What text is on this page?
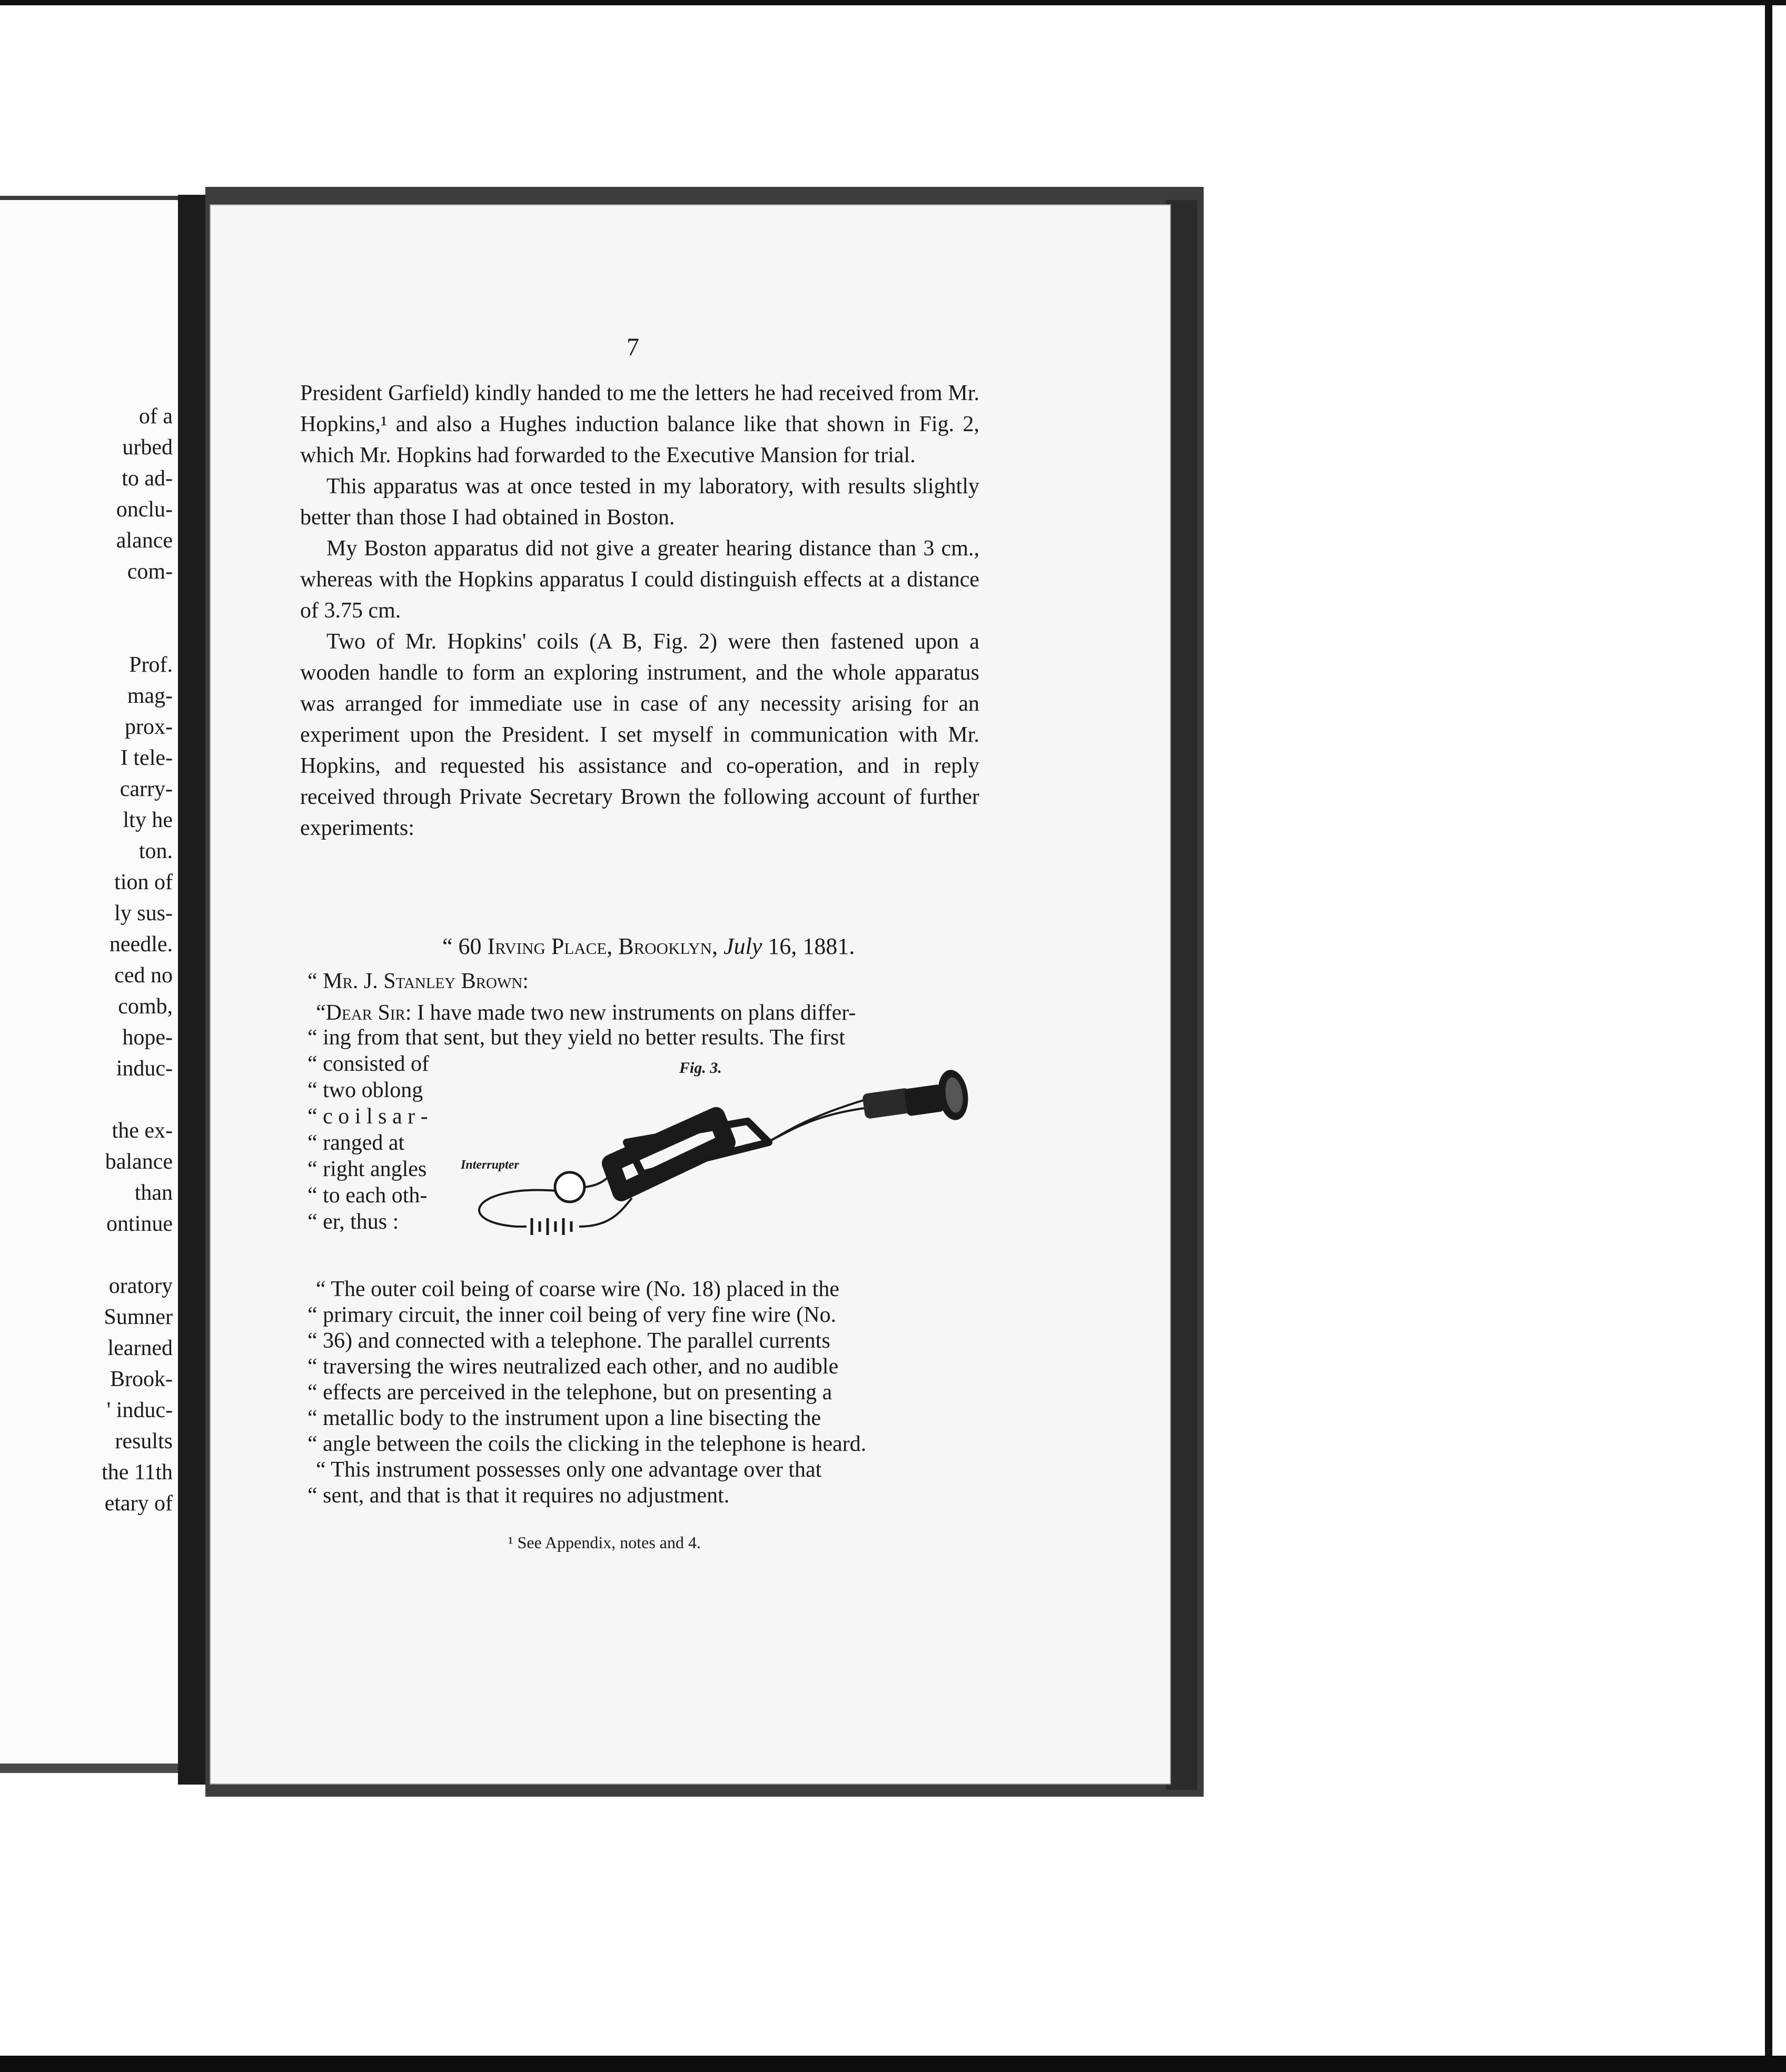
of a
urbed
to ad-
onclu-
alance
com-
Prof.
mag-
prox-
I tele-
carry-
lty he
ton.
tion of
ly sus-
needle.
ced no
comb,
hope-
induc-
the ex-
balance
than
ontinue
oratory
Sumner
learned
Brook-
' induc-
results
the 11th
etary of
7

President Garfield) kindly handed to me the letters he had received from Mr. Hopkins,¹ and also a Hughes induction balance like that shown in Fig. 2, which Mr. Hopkins had forwarded to the Executive Mansion for trial.

This apparatus was at once tested in my laboratory, with results slightly better than those I had obtained in Boston.

My Boston apparatus did not give a greater hearing distance than 3 cm., whereas with the Hopkins apparatus I could distinguish effects at a distance of 3.75 cm.

Two of Mr. Hopkins' coils (A B, Fig. 2) were then fastened upon a wooden handle to form an exploring instrument, and the whole apparatus was arranged for immediate use in case of any necessity arising for an experiment upon the President. I set myself in communication with Mr. Hopkins, and requested his assistance and co-operation, and in reply received through Private Secretary Brown the following account of further experiments:

“ 60 Irving Place, Brooklyn, July 16, 1881.
“ Mr. J. Stanley Brown:
“Dear Sir: I have made two new instruments on plans differ-
“ ing from that sent, but they yield no better results. The first
“ consisted of
“ two oblong
“ c o i l s a r -
“ ranged at
“ right angles
“ to each oth-
“ er, thus :
Fig. 3.
Interrupter
“ The outer coil being of coarse wire (No. 18) placed in the
“ primary circuit, the inner coil being of very fine wire (No.
“ 36) and connected with a telephone. The parallel currents
“ traversing the wires neutralized each other, and no audible
“ effects are perceived in the telephone, but on presenting a
“ metallic body to the instrument upon a line bisecting the
“ angle between the coils the clicking in the telephone is heard.
“ This instrument possesses only one advantage over that
“ sent, and that is that it requires no adjustment.
¹ See Appendix, notes and 4.
